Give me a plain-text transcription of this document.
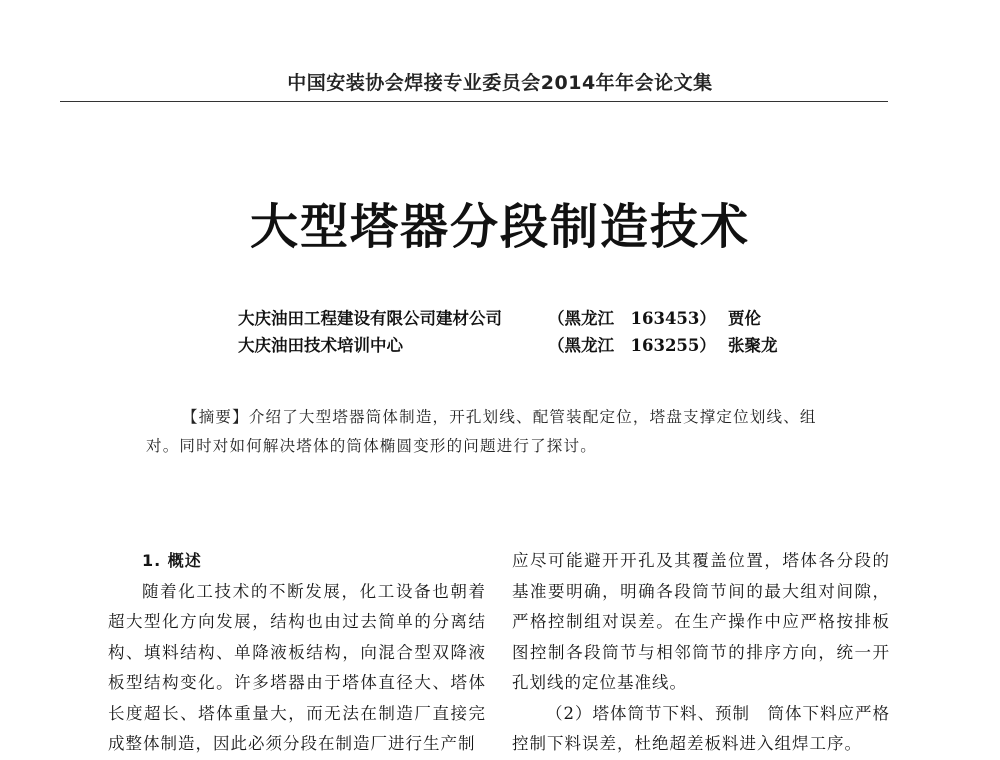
中国安装协会焊接专业委员会2014年年会论文集
大型塔器分段制造技术
大庆油田工程建设有限公司建材公司	（黑龙江　163453） 贾伦
大庆油田技术培训中心	（黑龙江　163255） 张聚龙
【摘要】介绍了大型塔器筒体制造，开孔划线、配管装配定位，塔盘支撑定位划线、组对。同时对如何解决塔体的筒体椭圆变形的问题进行了探讨。

1. 概述

随着化工技术的不断发展，化工设备也朝着超大型化方向发展，结构也由过去简单的分离结构、填料结构、单降液板结构，向混合型双降液板型结构变化。许多塔器由于塔体直径大、塔体长度超长、塔体重量大，而无法在制造厂直接完成整体制造，因此必须分段在制造厂进行生产制

应尽可能避开开孔及其覆盖位置，塔体各分段的基准要明确，明确各段筒节间的最大组对间隙，严格控制组对误差。在生产操作中应严格按排板图控制各段筒节与相邻筒节的排序方向，统一开孔划线的定位基准线。

（2）塔体筒节下料、预制　筒体下料应严格控制下料误差，杜绝超差板料进入组焊工序。
